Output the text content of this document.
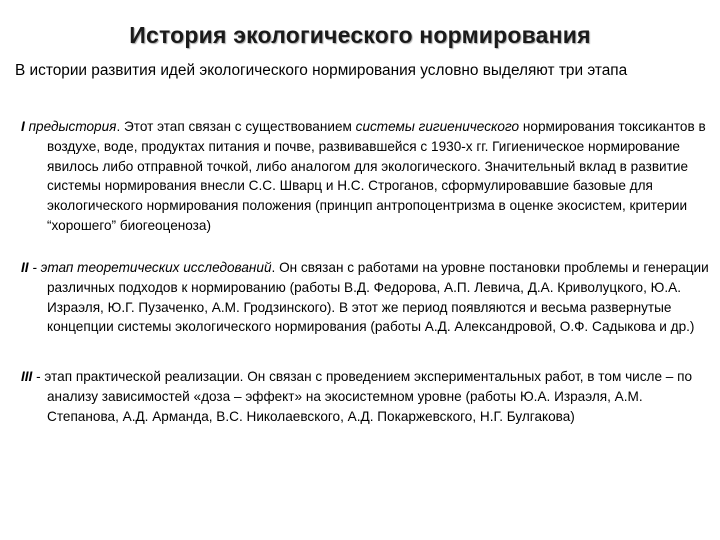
История экологического нормирования
В истории развития идей экологического нормирования условно выделяют три этапа
I предыстория. Этот этап связан с существованием системы гигиенического нормирования токсикантов в воздухе, воде, продуктах питания и почве, развивавшейся с 1930-х гг. Гигиеническое нормирование явилось либо отправной точкой, либо аналогом для экологического. Значительный вклад в развитие системы нормирования внесли С.С. Шварц и Н.С. Строганов, сформулировавшие базовые для экологического нормирования положения (принцип антропоцентризма в оценке экосистем, критерии “хорошего” биогеоценоза)
II - этап теоретических исследований. Он связан с работами на уровне постановки проблемы и генерации различных подходов к нормированию (работы В.Д. Федорова, А.П. Левича, Д.А. Криволуцкого, Ю.А. Израэля, Ю.Г. Пузаченко, А.М. Гродзинского). В этот же период появляются и весьма развернутые концепции системы экологического нормирования (работы А.Д. Александровой, О.Ф. Садыкова и др.)
III - этап практической реализации. Он связан с проведением экспериментальных работ, в том числе – по анализу зависимостей «доза – эффект» на экосистемном уровне (работы Ю.А. Израэля, А.М. Степанова, А.Д. Арманда, В.С. Николаевского, А.Д. Покаржевского, Н.Г. Булгакова)
